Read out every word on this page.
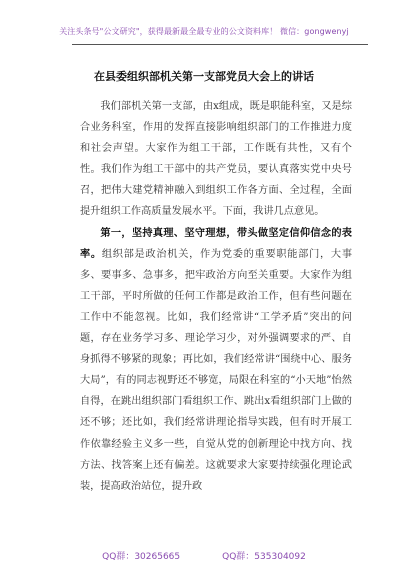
关注头条号"公文研究"，获得最新最全最专业的公文资料库！ 微信：gongwenyj
在县委组织部机关第一支部党员大会上的讲话

我们部机关第一支部，由x组成，既是职能科室，又是综合业务科室，作用的发挥直接影响组织部门的工作推进力度和社会声望。大家作为组工干部，工作既有共性，又有个性。我们作为组工干部中的共产党员，要认真落实党中央号召，把伟大建党精神融入到组织工作各方面、全过程，全面提升组织工作高质量发展水平。下面，我讲几点意见。

第一，坚持真理、坚守理想，带头做坚定信仰信念的表率。组织部是政治机关，作为党委的重要职能部门，大事多、要事多、急事多，把牢政治方向至关重要。大家作为组工干部，平时所做的任何工作都是政治工作，但有些问题在工作中不能忽视。比如，我们经常讲“工学矛盾”突出的问题，存在业务学习多、理论学习少，对外强调要求的严、自身抓得不够紧的现象；再比如，我们经常讲“围绕中心、服务大局”，有的同志视野还不够宽，局限在科室的“小天地”怡然自得，在跳出组织部门看组织工作、跳出x看组织部门上做的还不够；还比如，我们经常讲理论指导实践，但有时开展工作依靠经验主义多一些，自觉从党的创新理论中找方向、找方法、找答案上还有偏差。这就要求大家要持续强化理论武装，提高政治站位，提升政

QQ群：30265665	QQ群：535304092
